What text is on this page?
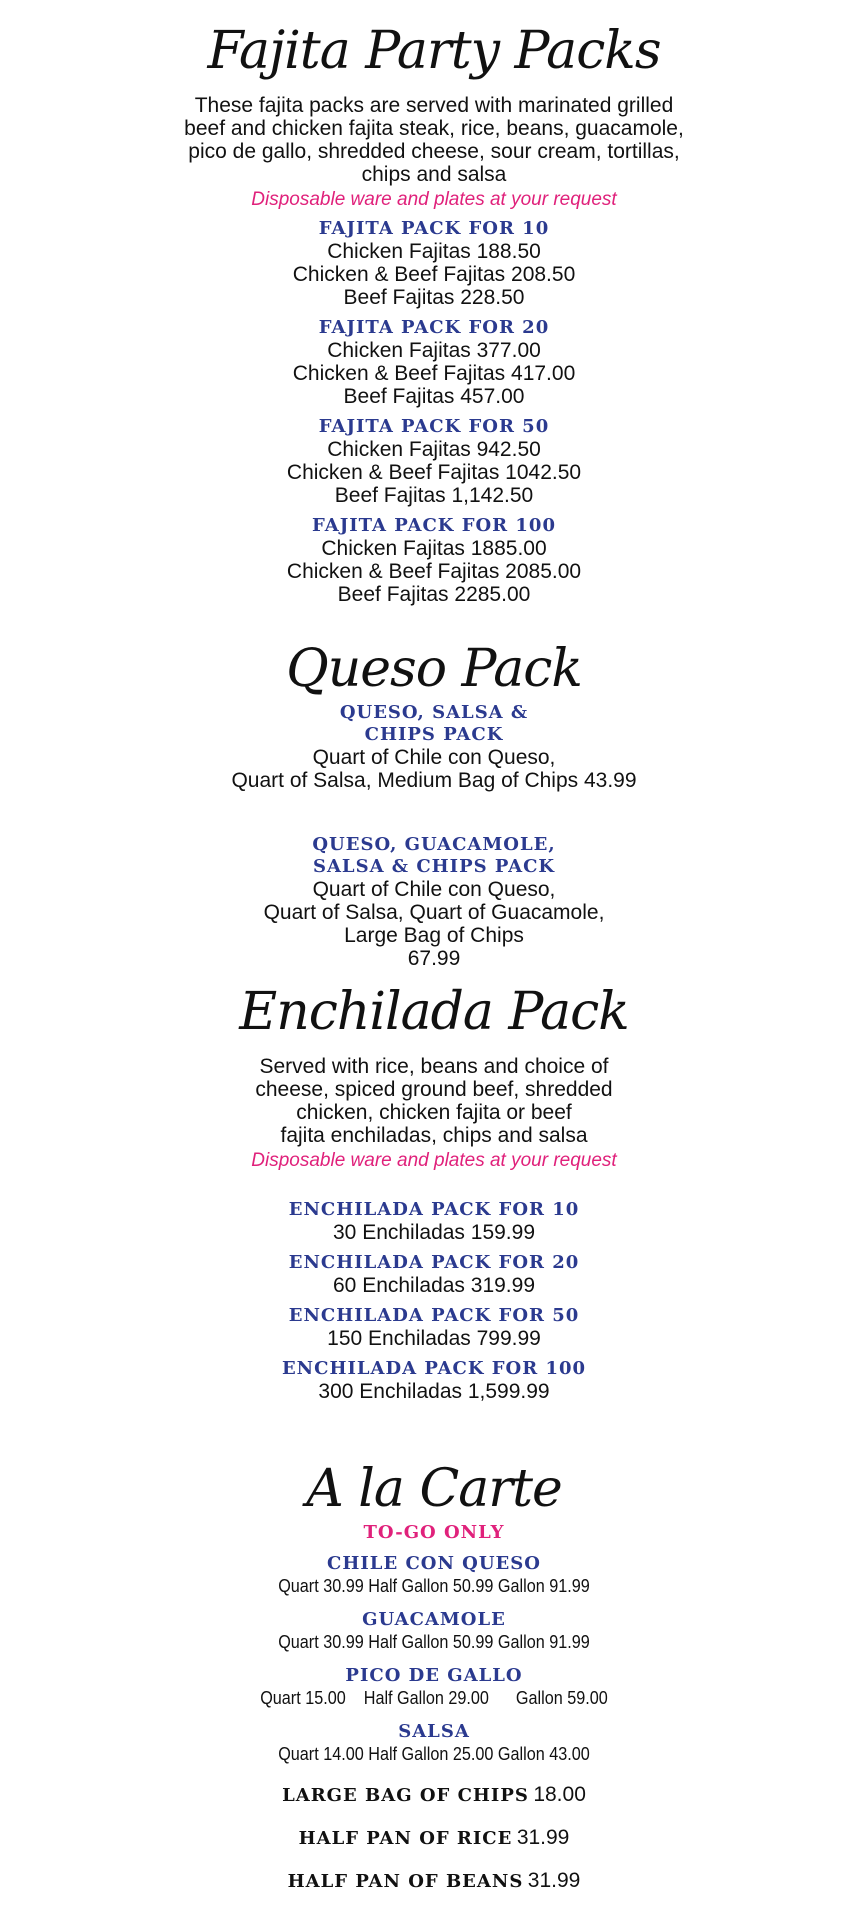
Fajita Party Packs

These fajita packs are served with marinated grilled

beef and chicken fajita steak, rice, beans, guacamole,

pico de gallo, shredded cheese, sour cream, tortillas,

chips and salsa

Disposable ware and plates at your request

FAJITA PACK FOR 10

Chicken Fajitas 188.50

Chicken & Beef Fajitas 208.50

Beef Fajitas 228.50

FAJITA PACK FOR 20

Chicken Fajitas 377.00

Chicken & Beef Fajitas 417.00

Beef Fajitas 457.00

FAJITA PACK FOR 50

Chicken Fajitas 942.50

Chicken & Beef Fajitas 1042.50

Beef Fajitas 1,142.50

FAJITA PACK FOR 100

Chicken Fajitas 1885.00

Chicken & Beef Fajitas 2085.00

Beef Fajitas 2285.00

Queso Pack

QUESO, SALSA &

CHIPS PACK

Quart of Chile con Queso,

Quart of Salsa, Medium Bag of Chips 43.99

QUESO, GUACAMOLE,

SALSA & CHIPS PACK

Quart of Chile con Queso,

Quart of Salsa, Quart of Guacamole,

Large Bag of Chips

67.99

Enchilada Pack

Served with rice, beans and choice of

cheese, spiced ground beef, shredded

chicken, chicken fajita or beef

fajita enchiladas, chips and salsa

Disposable ware and plates at your request

ENCHILADA PACK FOR 10

30 Enchiladas 159.99

ENCHILADA PACK FOR 20

60 Enchiladas 319.99

ENCHILADA PACK FOR 50

150 Enchiladas 799.99

ENCHILADA PACK FOR 100

300 Enchiladas 1,599.99

A la Carte

TO-GO ONLY

CHILE CON QUESO

Quart 30.99 Half Gallon 50.99 Gallon 91.99

GUACAMOLE

Quart 30.99 Half Gallon 50.99 Gallon 91.99

PICO DE GALLO

Quart 15.00    Half Gallon 29.00      Gallon 59.00

SALSA

Quart 14.00 Half Gallon 25.00 Gallon 43.00

LARGE BAG OF CHIPS 18.00

HALF PAN OF RICE 31.99

HALF PAN OF BEANS 31.99
